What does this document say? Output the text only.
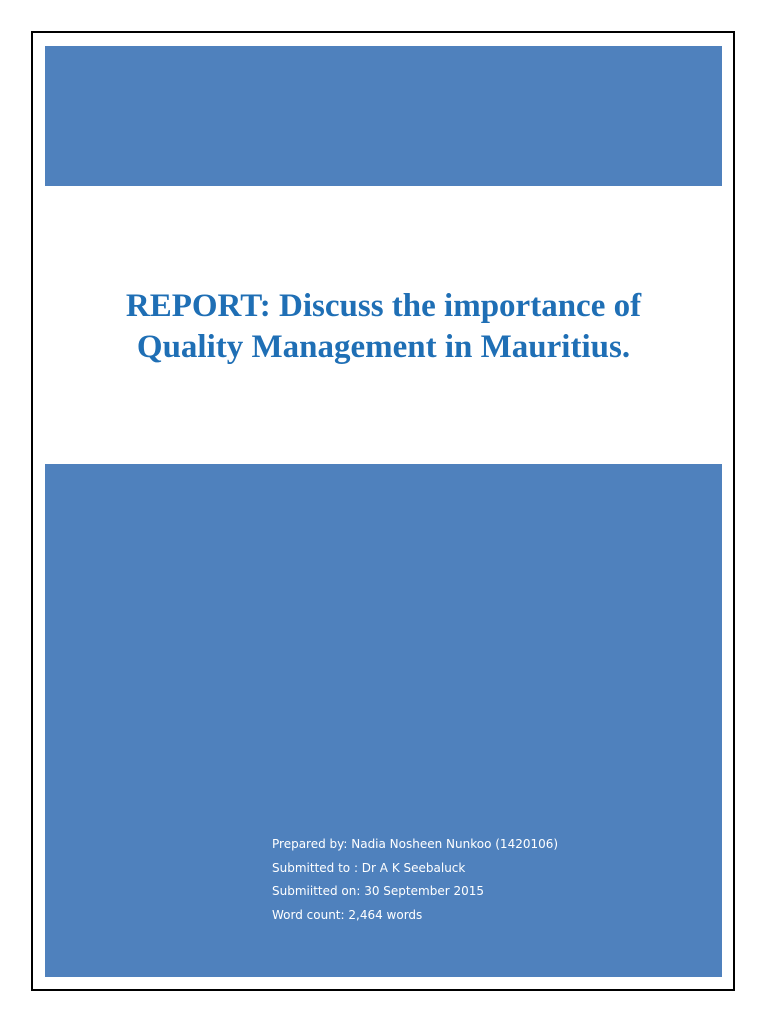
REPORT: Discuss the importance of
Quality Management in Mauritius.
Prepared by: Nadia Nosheen Nunkoo (1420106)
Submitted to : Dr A K Seebaluck
Submiitted on: 30 September 2015
Word count: 2,464 words
